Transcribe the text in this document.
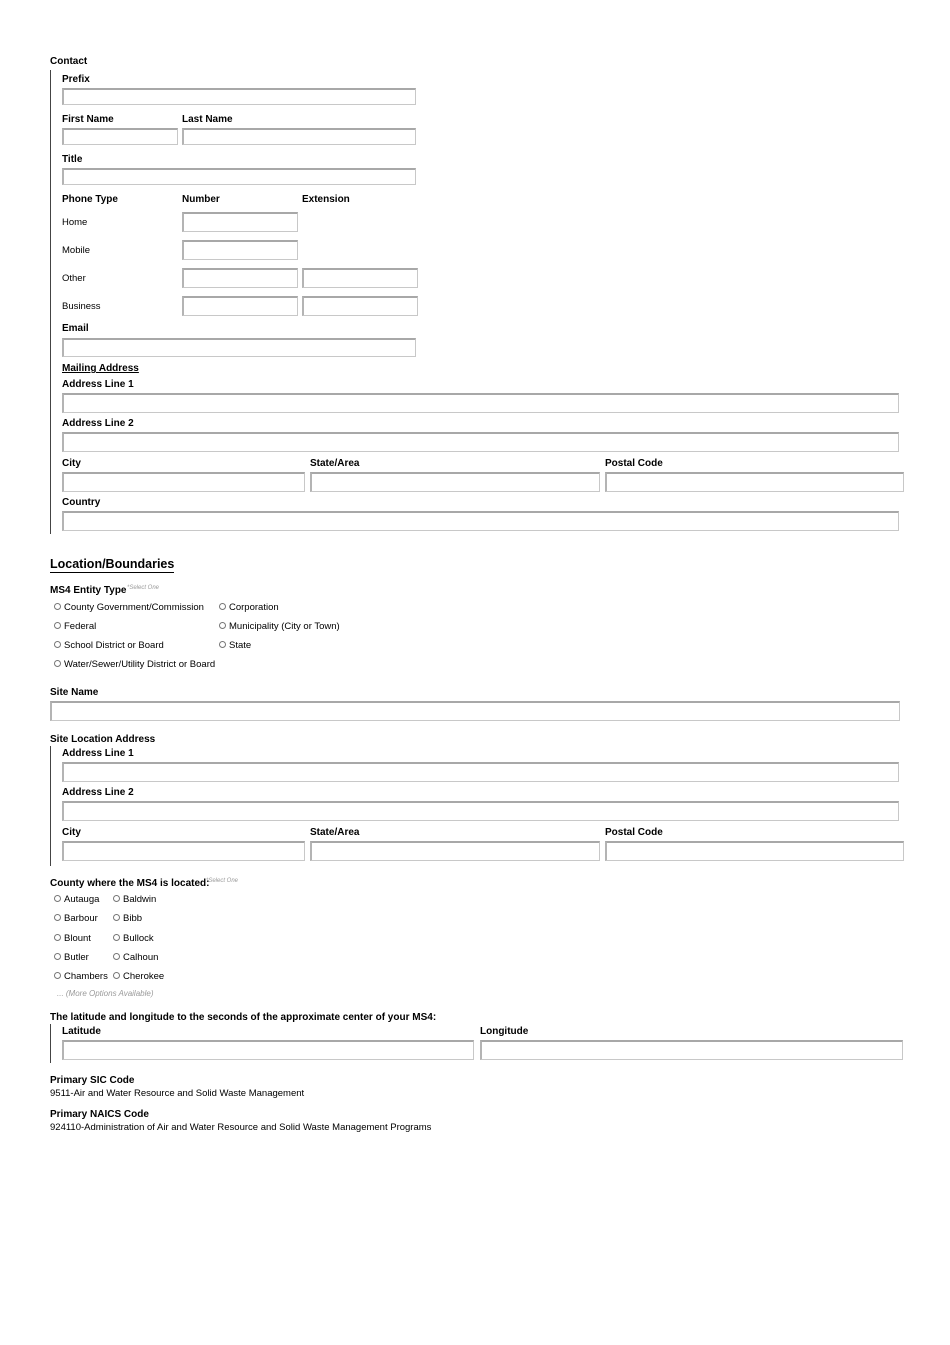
Contact
Prefix
First Name	Last Name
Title
Phone Type	Number	Extension
Home
Mobile
Other
Business
Email
Mailing Address
Address Line 1
Address Line 2
City	State/Area	Postal Code
Country
Location/Boundaries
MS4 Entity Type *Select One
County Government/Commission	Corporation
Federal	Municipality (City or Town)
School District or Board	State
Water/Sewer/Utility District or Board
Site Name
Site Location Address
Address Line 1
Address Line 2
City	State/Area	Postal Code
County where the MS4 is located:
*Select One
Autauga	Baldwin
Barbour	Bibb
Blount	Bullock
Butler	Calhoun
Chambers	Cherokee
... (More Options Available)
The latitude and longitude to the seconds of the approximate center of your MS4:
Latitude	Longitude
Primary SIC Code
9511-Air and Water Resource and Solid Waste Management
Primary NAICS Code
924110-Administration of Air and Water Resource and Solid Waste Management Programs
